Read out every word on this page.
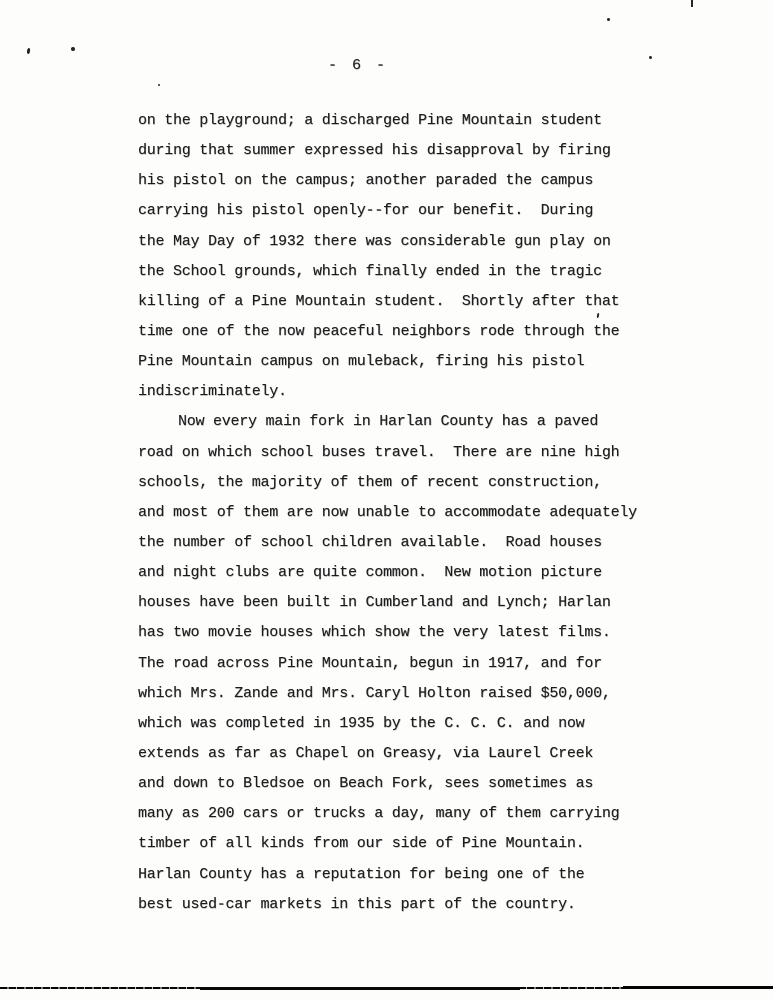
- 6 -
on the playground; a discharged Pine Mountain student
during that summer expressed his disapproval by firing
his pistol on the campus; another paraded the campus
carrying his pistol openly--for our benefit.  During
the May Day of 1932 there was considerable gun play on
the School grounds, which finally ended in the tragic
killing of a Pine Mountain student.  Shortly after that
time one of the now peaceful neighbors rode through the
Pine Mountain campus on muleback, firing his pistol
indiscriminately.
Now every main fork in Harlan County has a paved
road on which school buses travel.  There are nine high
schools, the majority of them of recent construction,
and most of them are now unable to accommodate adequately
the number of school children available.  Road houses
and night clubs are quite common.  New motion picture
houses have been built in Cumberland and Lynch; Harlan
has two movie houses which show the very latest films.
The road across Pine Mountain, begun in 1917, and for
which Mrs. Zande and Mrs. Caryl Holton raised $50,000,
which was completed in 1935 by the C. C. C. and now
extends as far as Chapel on Greasy, via Laurel Creek
and down to Bledsoe on Beach Fork, sees sometimes as
many as 200 cars or trucks a day, many of them carrying
timber of all kinds from our side of Pine Mountain.
Harlan County has a reputation for being one of the
best used-car markets in this part of the country.
